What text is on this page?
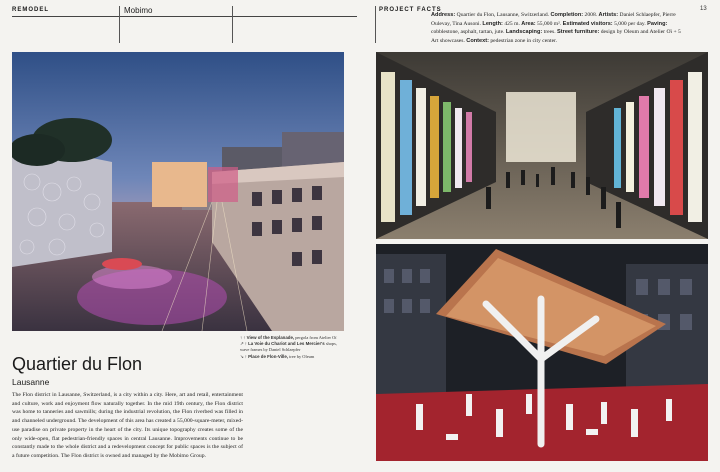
REMODEL	Mobimo	PROJECT FACTS	13
Address: Quartier du Flon, Lausanne, Switzerland. Completion: 2008. Artists: Daniel Schlaepfer, Pierre Oulevay, Tina Ausoni. Length: 425 m. Area: 55,000 m². Estimated visitors: 5,000 per day. Paving: cobblestone, asphalt, tartan, jute. Landscaping: trees. Street furniture: design by Oleum and Atelier Oï + 5 Art showcases. Context: pedestrian zone in city center.
↑ ↑ View of the Esplanade, pergola from Atelier Oï
↗ ↑ La Voie du Chariot and Les Mercier's shops, wave frames by Daniel Schlaepfer
↘ ↑ Place de Flon-Ville, tree by Oleum
Quartier du Flon
Lausanne
The Flon district in Lausanne, Switzerland, is a city within a city. Here, art and retail, entertainment and culture, work and enjoyment flow naturally together. In the mid 19th century, the Flon district was home to tanneries and sawmills; during the industrial revolution, the Flon riverbed was filled in and channeled underground. The development of this area has created a 55,000-square-meter, mixed-use paradise on private property in the heart of the city. Its unique topography creates some of the only wide-open, flat pedestrian-friendly spaces in central Lausanne. Improvements continue to be constantly made to the whole district and a redevelopment concept for public spaces is the subject of a future competition. The Flon district is owned and managed by the Mobimo Group.
